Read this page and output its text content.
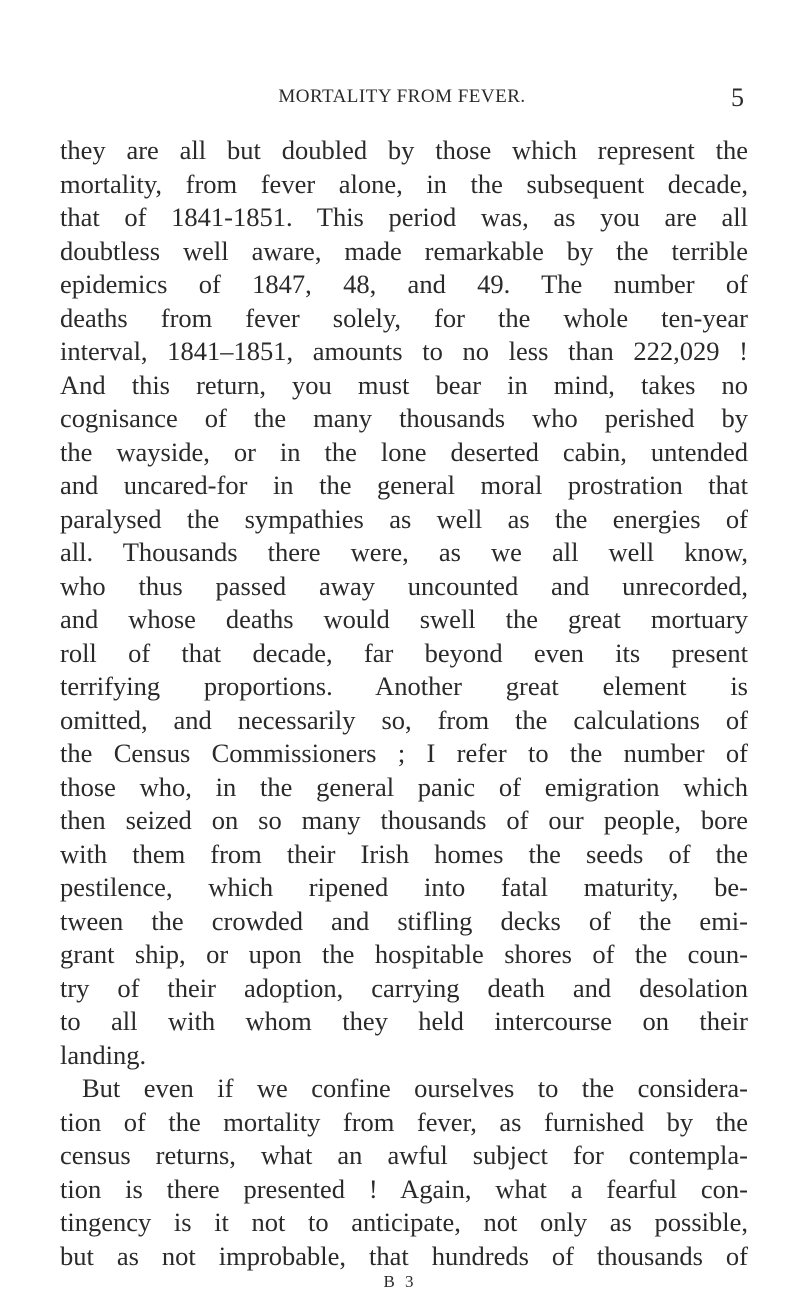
MORTALITY FROM FEVER.	5
they are all but doubled by those which represent the
mortality, from fever alone, in the subsequent decade,
that of 1841-1851. This period was, as you are all
doubtless well aware, made remarkable by the terrible
epidemics of 1847, 48, and 49. The number of
deaths from fever solely, for the whole ten-year
interval, 1841–1851, amounts to no less than 222,029 !
And this return, you must bear in mind, takes no
cognisance of the many thousands who perished by
the wayside, or in the lone deserted cabin, untended
and uncared-for in the general moral prostration that
paralysed the sympathies as well as the energies of
all. Thousands there were, as we all well know,
who thus passed away uncounted and unrecorded,
and whose deaths would swell the great mortuary
roll of that decade, far beyond even its present
terrifying proportions. Another great element is
omitted, and necessarily so, from the calculations of
the Census Commissioners ; I refer to the number of
those who, in the general panic of emigration which
then seized on so many thousands of our people, bore
with them from their Irish homes the seeds of the
pestilence, which ripened into fatal maturity, be-
tween the crowded and stifling decks of the emi-
grant ship, or upon the hospitable shores of the coun-
try of their adoption, carrying death and desolation
to all with whom they held intercourse on their
landing.
But even if we confine ourselves to the considera-
tion of the mortality from fever, as furnished by the
census returns, what an awful subject for contempla-
tion is there presented ! Again, what a fearful con-
tingency is it not to anticipate, not only as possible,
but as not improbable, that hundreds of thousands of
B 3
